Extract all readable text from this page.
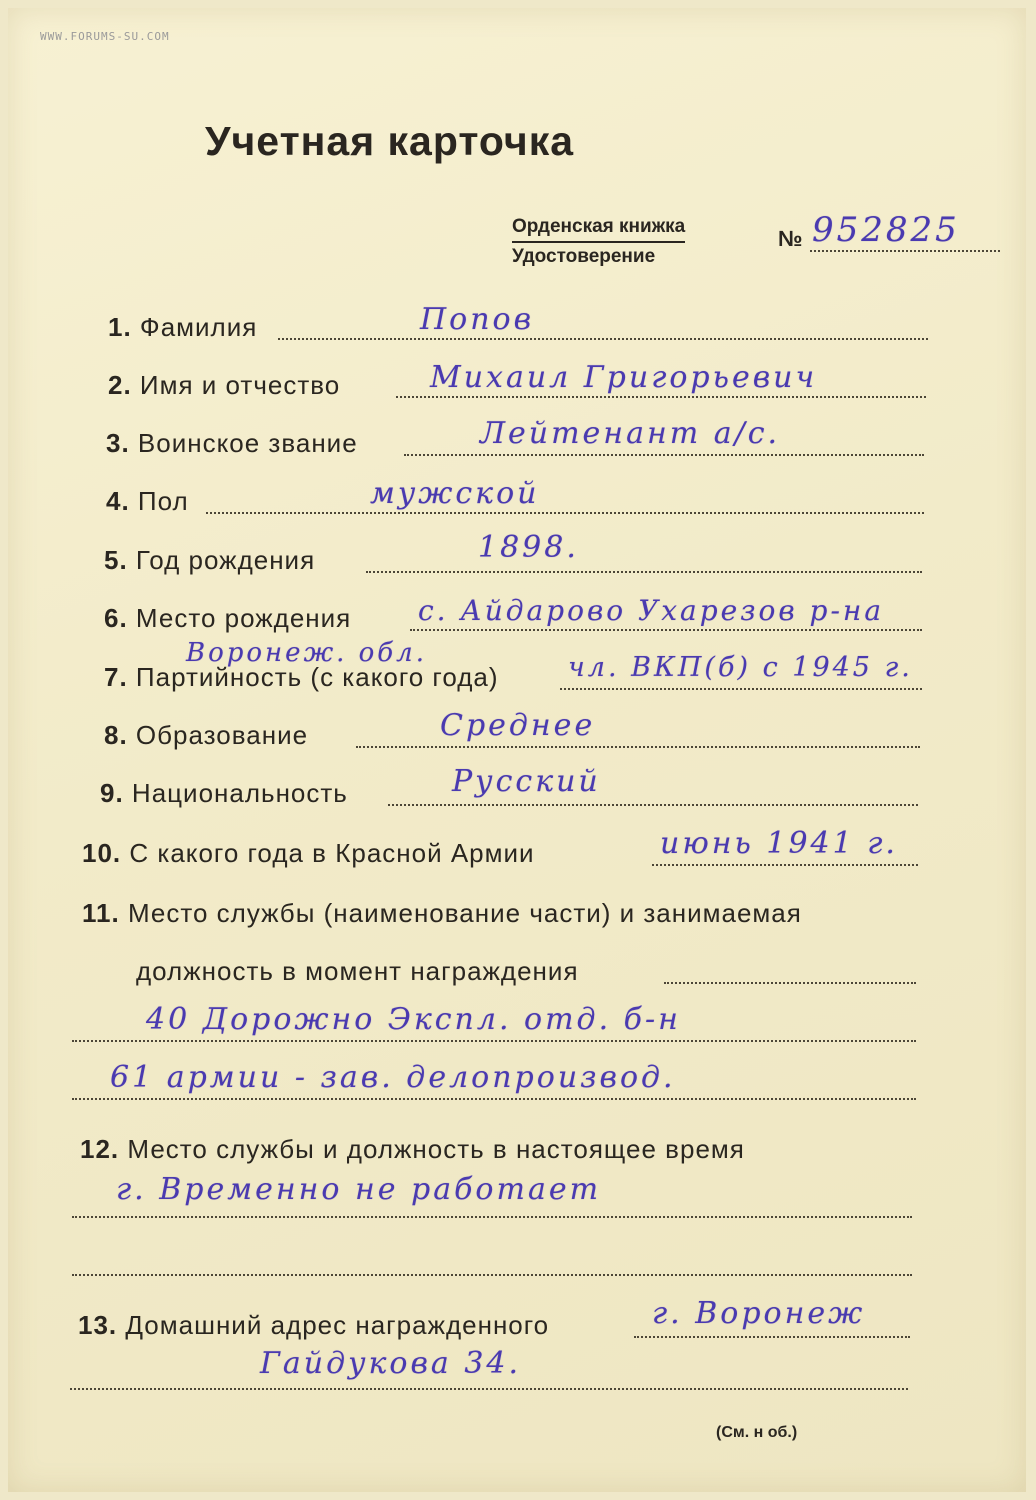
WWW.FORUMS-SU.COM
Учетная карточка
Орденская книжка
Удостоверение
№ 952825
1. Фамилия	Попов
2. Имя и отчество	Михаил Григорьевич
3. Воинское звание	Лейтенант а/с.
4. Пол	мужской
5. Год рождения	1898.
6. Место рождения с. Айдарово Ухарезов р-на
Воронеж. обл.
7. Партийность (с какого года)	чл. ВКП(б) с 1945 г.
8. Образование	Среднее
9. Национальность	Русский
10. С какого года в Красной Армии	июнь 1941 г.
11. Место службы (наименование части) и занимаемая
должность в момент награждения
40 Дорожно Экспл. отд. б-н
61 армии - зав. делопроизвод.
12. Место службы и должность в настоящее время
г. Временно не работает
13. Домашний адрес награжденного	г. Воронеж
Гайдукова 34.
(См. н об.)
